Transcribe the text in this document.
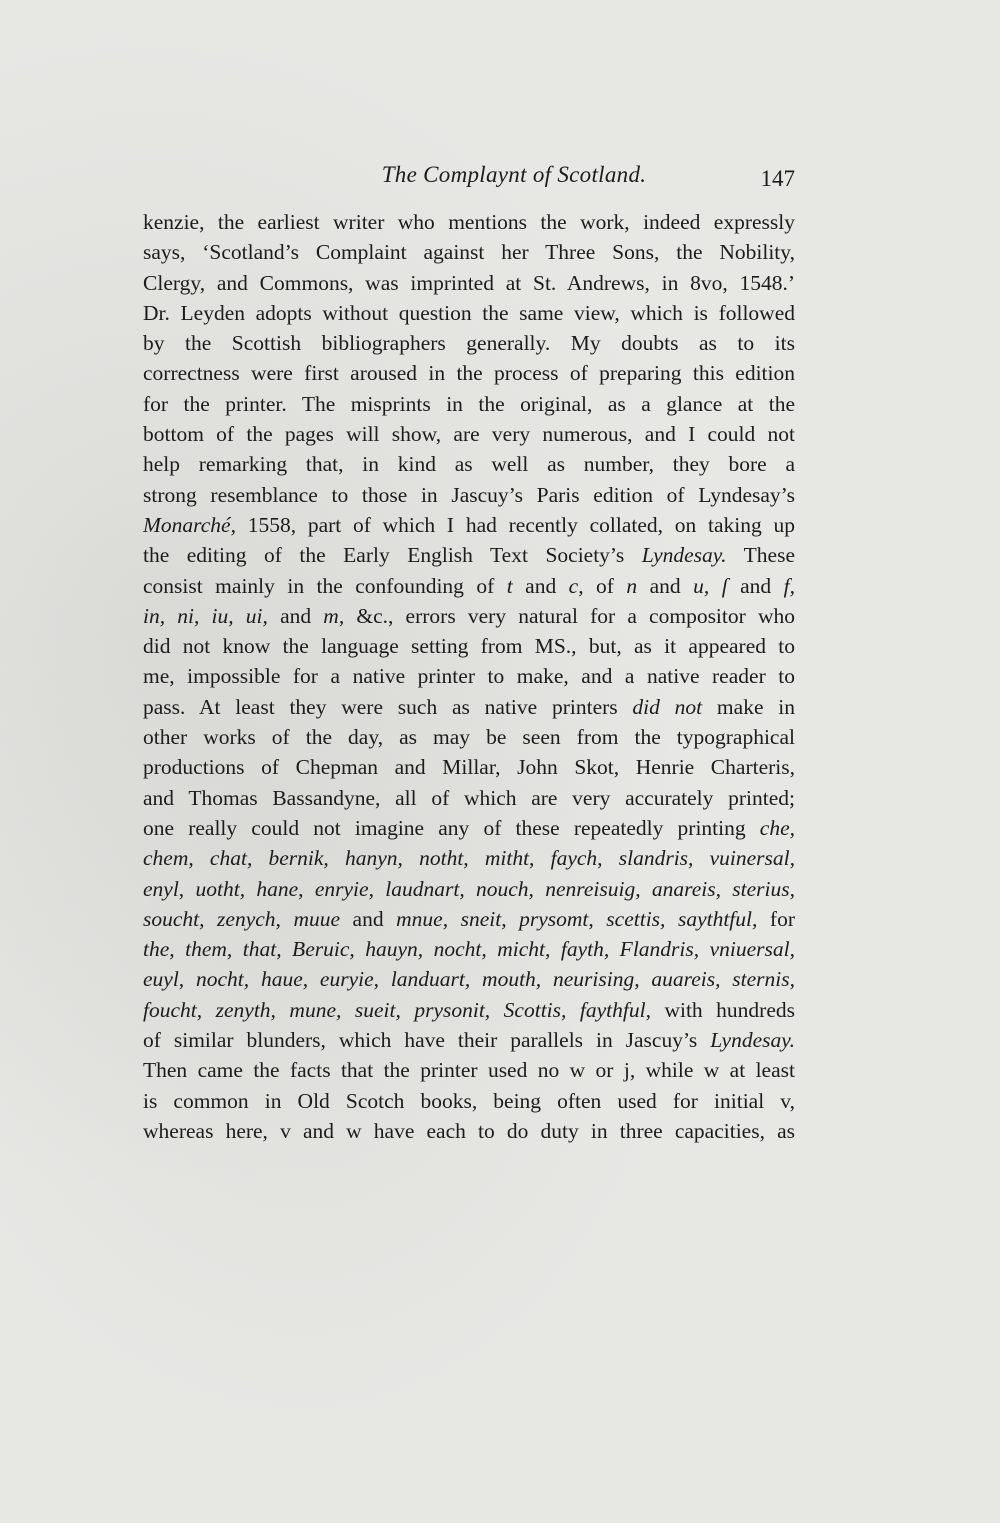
The Complaynt of Scotland.	147
kenzie, the earliest writer who mentions the work, indeed expressly
says, ‘Scotland’s Complaint against her Three Sons, the Nobility,
Clergy, and Commons, was imprinted at St. Andrews, in 8vo, 1548.’
Dr. Leyden adopts without question the same view, which is followed
by the Scottish bibliographers generally. My doubts as to its
correctness were first aroused in the process of preparing this edition
for the printer. The misprints in the original, as a glance at the
bottom of the pages will show, are very numerous, and I could not
help remarking that, in kind as well as number, they bore a
strong resemblance to those in Jascuy’s Paris edition of Lyndesay’s
Monarché, 1558, part of which I had recently collated, on taking up
the editing of the Early English Text Society’s Lyndesay. These
consist mainly in the confounding of t and c, of n and u, ſ and f,
in, ni, iu, ui, and m, &c., errors very natural for a compositor who
did not know the language setting from MS., but, as it appeared to
me, impossible for a native printer to make, and a native reader to
pass. At least they were such as native printers did not make in
other works of the day, as may be seen from the typographical
productions of Chepman and Millar, John Skot, Henrie Charteris,
and Thomas Bassandyne, all of which are very accurately printed;
one really could not imagine any of these repeatedly printing che,
chem, chat, bernik, hanyn, notht, mitht, faych, slandris, vuinersal,
enyl, uotht, hane, enryie, laudnart, nouch, nenreisuig, anareis, sterius,
soucht, zenych, muue and mnue, sneit, prysomt, scettis, saythtful, for
the, them, that, Beruic, hauyn, nocht, micht, fayth, Flandris, vniuersal,
euyl, nocht, haue, euryie, landuart, mouth, neurising, auareis, sternis,
foucht, zenyth, mune, sueit, prysonit, Scottis, faythful, with hundreds
of similar blunders, which have their parallels in Jascuy’s Lyndesay.
Then came the facts that the printer used no w or j, while w at least
is common in Old Scotch books, being often used for initial v,
whereas here, v and w have each to do duty in three capacities, as
